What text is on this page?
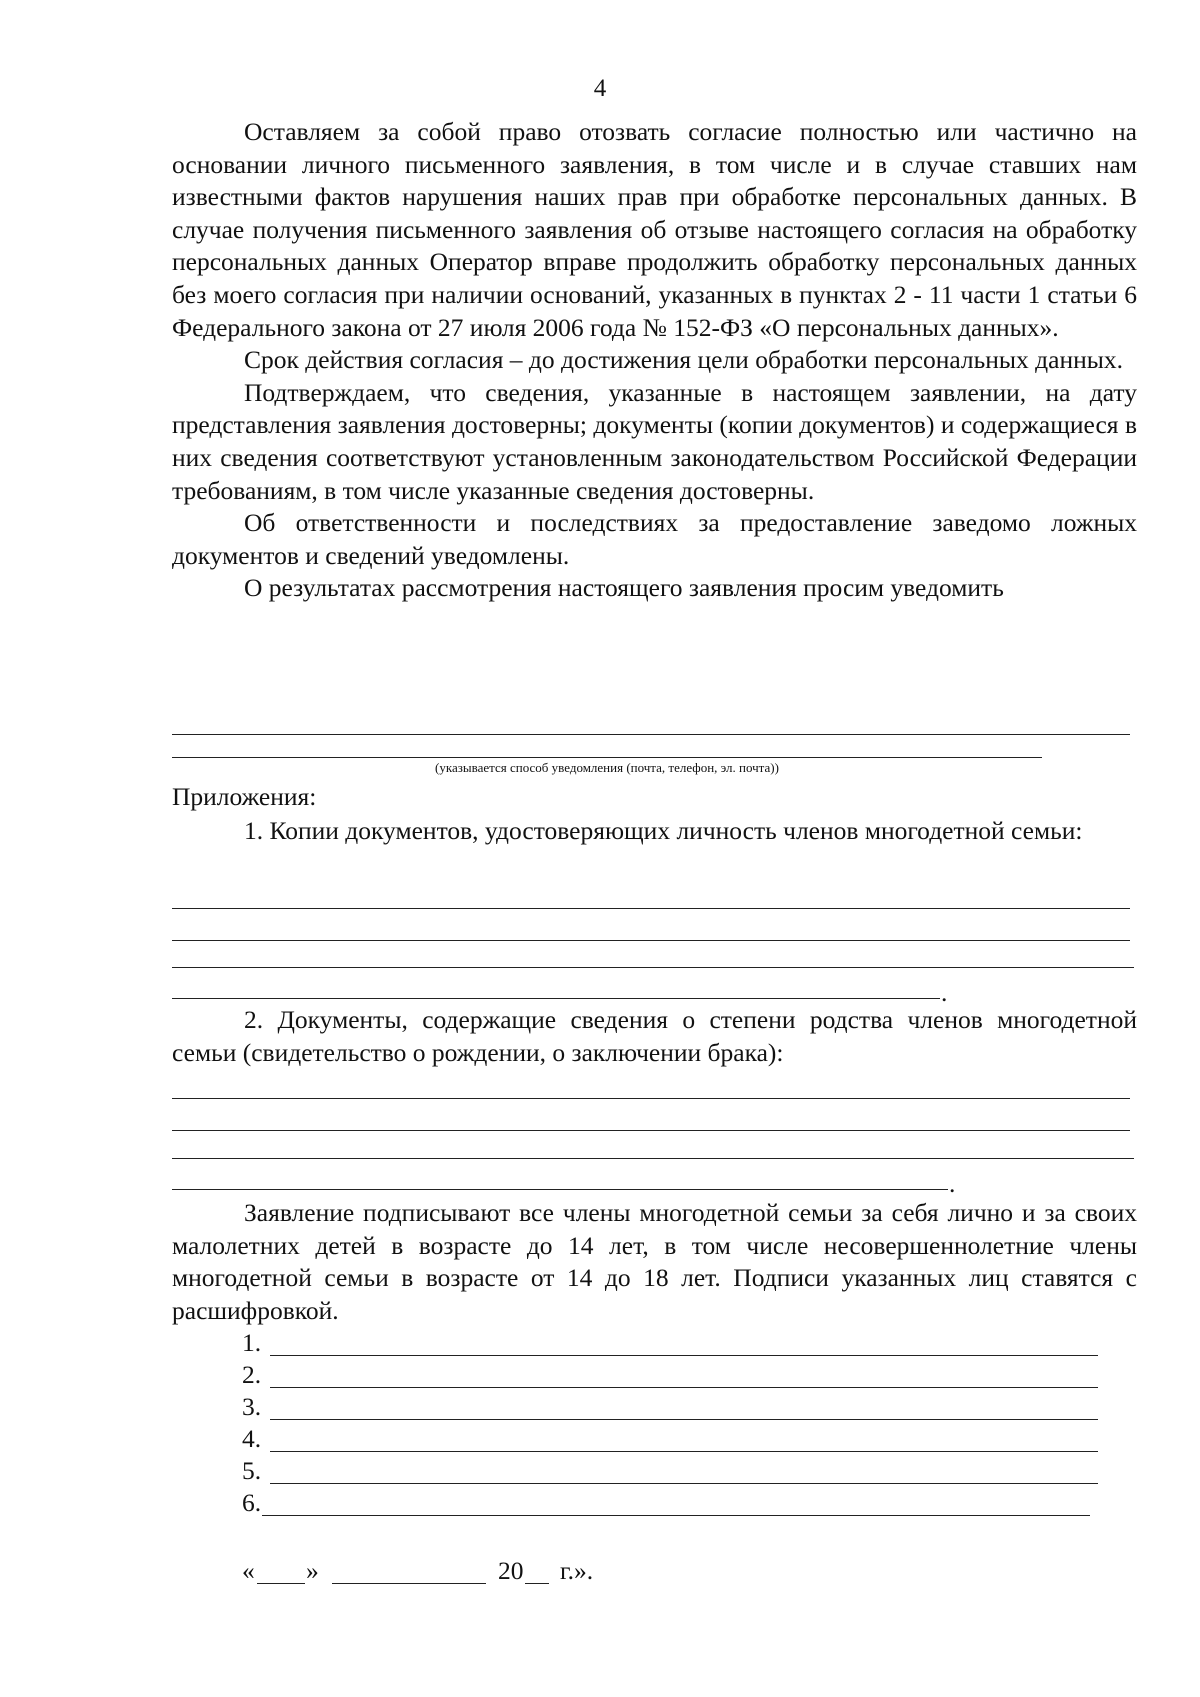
4

Оставляем за собой право отозвать согласие полностью или частично на основании личного письменного заявления, в том числе и в случае ставших нам известными фактов нарушения наших прав при обработке персональных данных. В случае получения письменного заявления об отзыве настоящего согласия на обработку персональных данных Оператор вправе продолжить обработку персональных данных без моего согласия при наличии оснований, указанных в пунктах 2 - 11 части 1 статьи 6 Федерального закона от 27 июля 2006 года № 152-ФЗ «О персональных данных».

Срок действия согласия – до достижения цели обработки персональных данных.

Подтверждаем, что сведения, указанные в настоящем заявлении, на дату представления заявления достоверны; документы (копии документов) и содержащиеся в них сведения соответствуют установленным законодательством Российской Федерации требованиям, в том числе указанные сведения достоверны.

Об ответственности и последствиях за предоставление заведомо ложных документов и сведений уведомлены.

О результатах рассмотрения настоящего заявления просим уведомить

(указывается способ уведомления (почта, телефон, эл. почта))
Приложения:

1. Копии документов, удостоверяющих личность членов многодетной семьи:

.

2. Документы, содержащие сведения о степени родства членов многодетной семьи (свидетельство о рождении, о заключении брака):

.

Заявление подписывают все члены многодетной семьи за себя лично и за своих малолетних детей в возрасте до 14 лет, в том числе несовершеннолетние члены многодетной семьи в возрасте от 14 до 18 лет. Подписи указанных лиц ставятся с расшифровкой.

1.
2.
3.
4.
5.
6.
« »	20 г.».
